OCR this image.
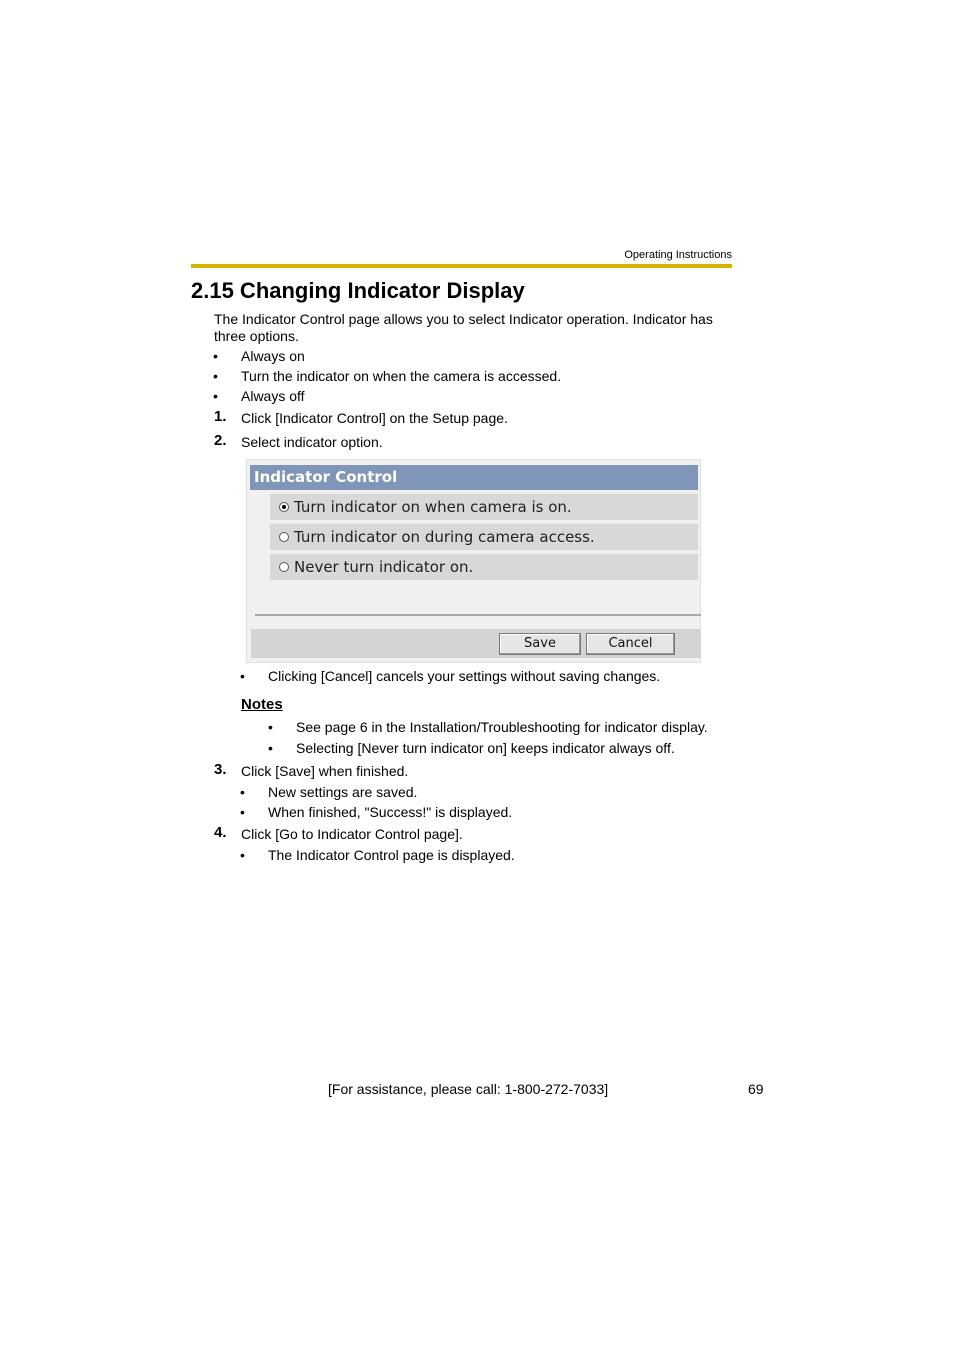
Operating Instructions
2.15 Changing Indicator Display
The Indicator Control page allows you to select Indicator operation. Indicator has
three options.
• Always on
• Turn the indicator on when the camera is accessed.
• Always off
1. Click [Indicator Control] on the Setup page.
2. Select indicator option.
Indicator Control
Turn indicator on when camera is on.
Turn indicator on during camera access.
Never turn indicator on.
Save	Cancel
• Clicking [Cancel] cancels your settings without saving changes.
Notes
• See page 6 in the Installation/Troubleshooting for indicator display.
• Selecting [Never turn indicator on] keeps indicator always off.
3. Click [Save] when finished.
• New settings are saved.
• When finished, "Success!" is displayed.
4. Click [Go to Indicator Control page].
• The Indicator Control page is displayed.
[For assistance, please call: 1-800-272-7033]	69
